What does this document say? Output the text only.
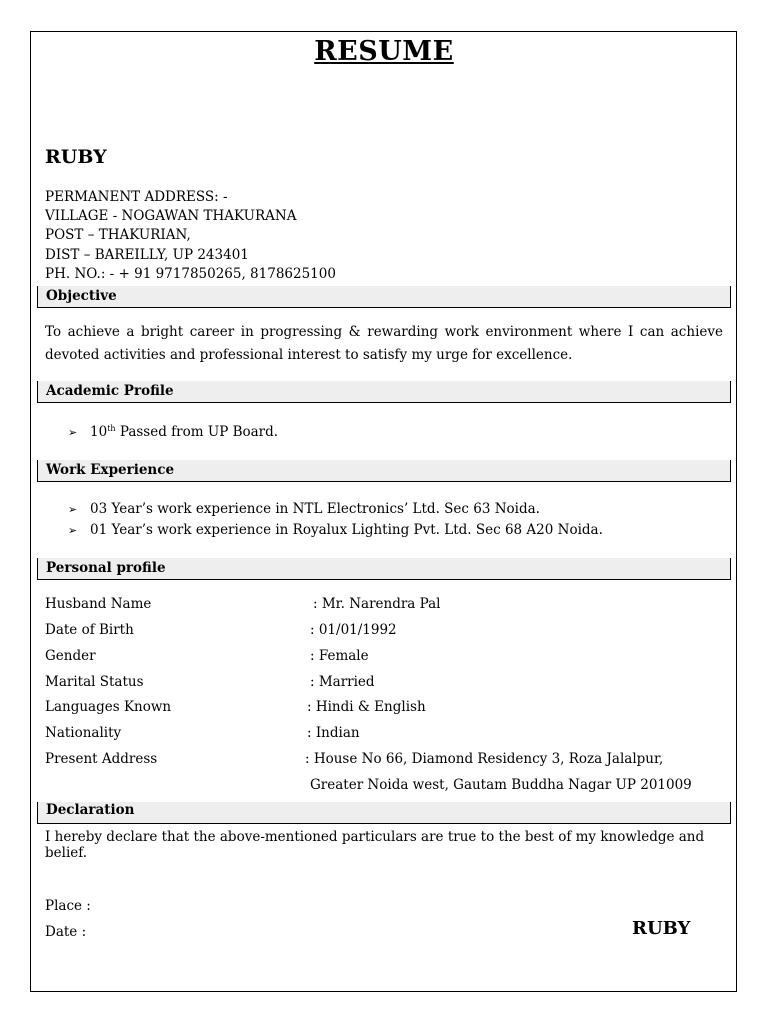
RESUME
RUBY
PERMANENT ADDRESS: -
VILLAGE - NOGAWAN THAKURANA
POST – THAKURIAN,
DIST – BAREILLY, UP 243401
PH. NO.: - + 91 9717850265, 8178625100
Objective
To achieve a bright career in progressing & rewarding work environment where I can achieve devoted activities and professional interest to satisfy my urge for excellence.
Academic Profile
➢ 10th Passed from UP Board.
Work Experience
➢ 03 Year’s work experience in NTL Electronics’ Ltd. Sec 63 Noida.
➢ 01 Year’s work experience in Royalux Lighting Pvt. Ltd. Sec 68 A20 Noida.
Personal profile
Husband Name	: Mr. Narendra Pal
Date of Birth	: 01/01/1992
Gender	: Female
Marital Status	: Married
Languages Known	: Hindi & English
Nationality	: Indian
Present Address	: House No 66, Diamond Residency 3, Roza Jalalpur,
Greater Noida west, Gautam Buddha Nagar UP 201009
Declaration
I hereby declare that the above-mentioned particulars are true to the best of my knowledge and belief.
Place :
Date :	RUBY
